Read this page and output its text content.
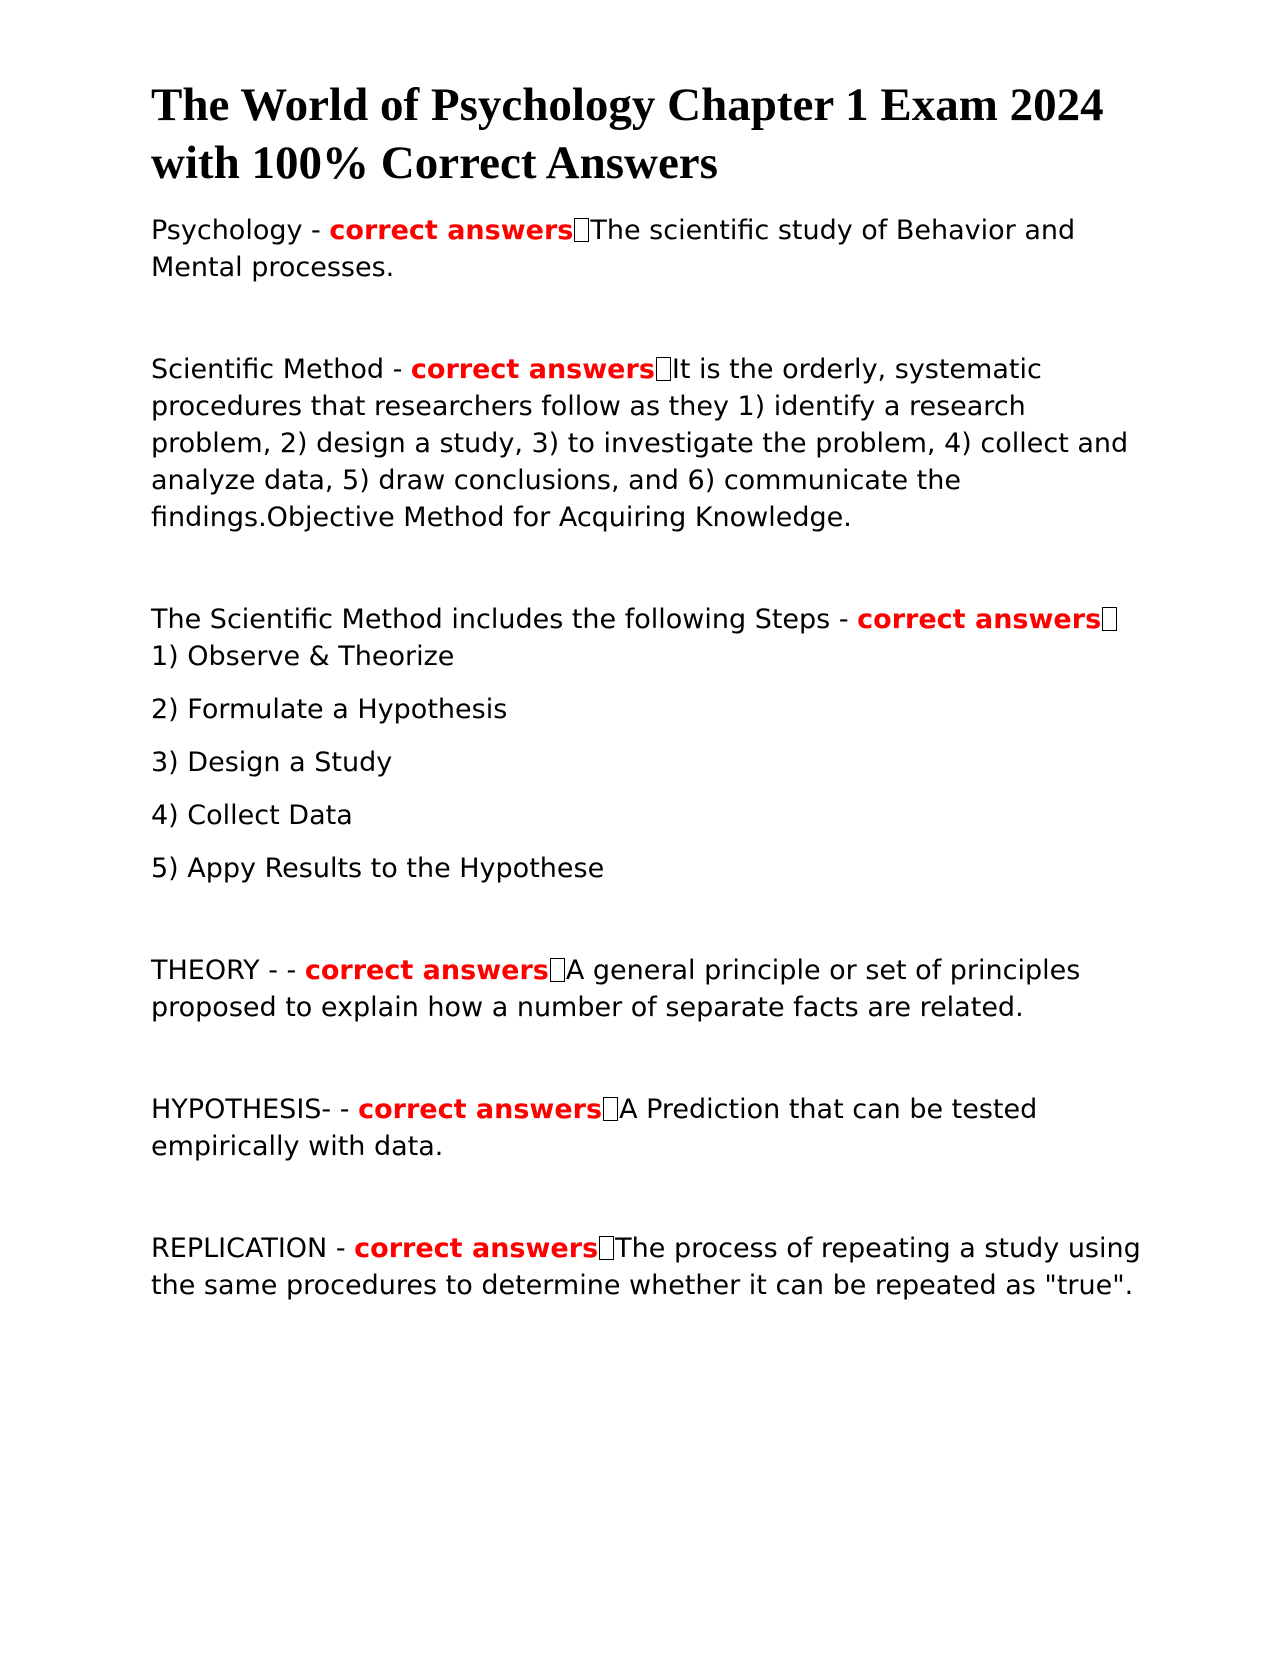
The World of Psychology Chapter 1 Exam 2024 with 100% Correct Answers

Psychology - correct answers The scientific study of Behavior and Mental processes.

Scientific Method - correct answers It is the orderly, systematic procedures that researchers follow as they 1) identify a research problem, 2) design a study, 3) to investigate the problem, 4) collect and analyze data, 5) draw conclusions, and 6) communicate the findings.Objective Method for Acquiring Knowledge.

The Scientific Method includes the following Steps - correct answers1) Observe & Theorize

2) Formulate a Hypothesis

3) Design a Study

4) Collect Data

5) Appy Results to the Hypothese

THEORY - - correct answers A general principle or set of principles proposed to explain how a number of separate facts are related.

HYPOTHESIS- - correct answers A Prediction that can be tested empirically with data.

REPLICATION - correct answers The process of repeating a study using the same procedures to determine whether it can be repeated as "true".
